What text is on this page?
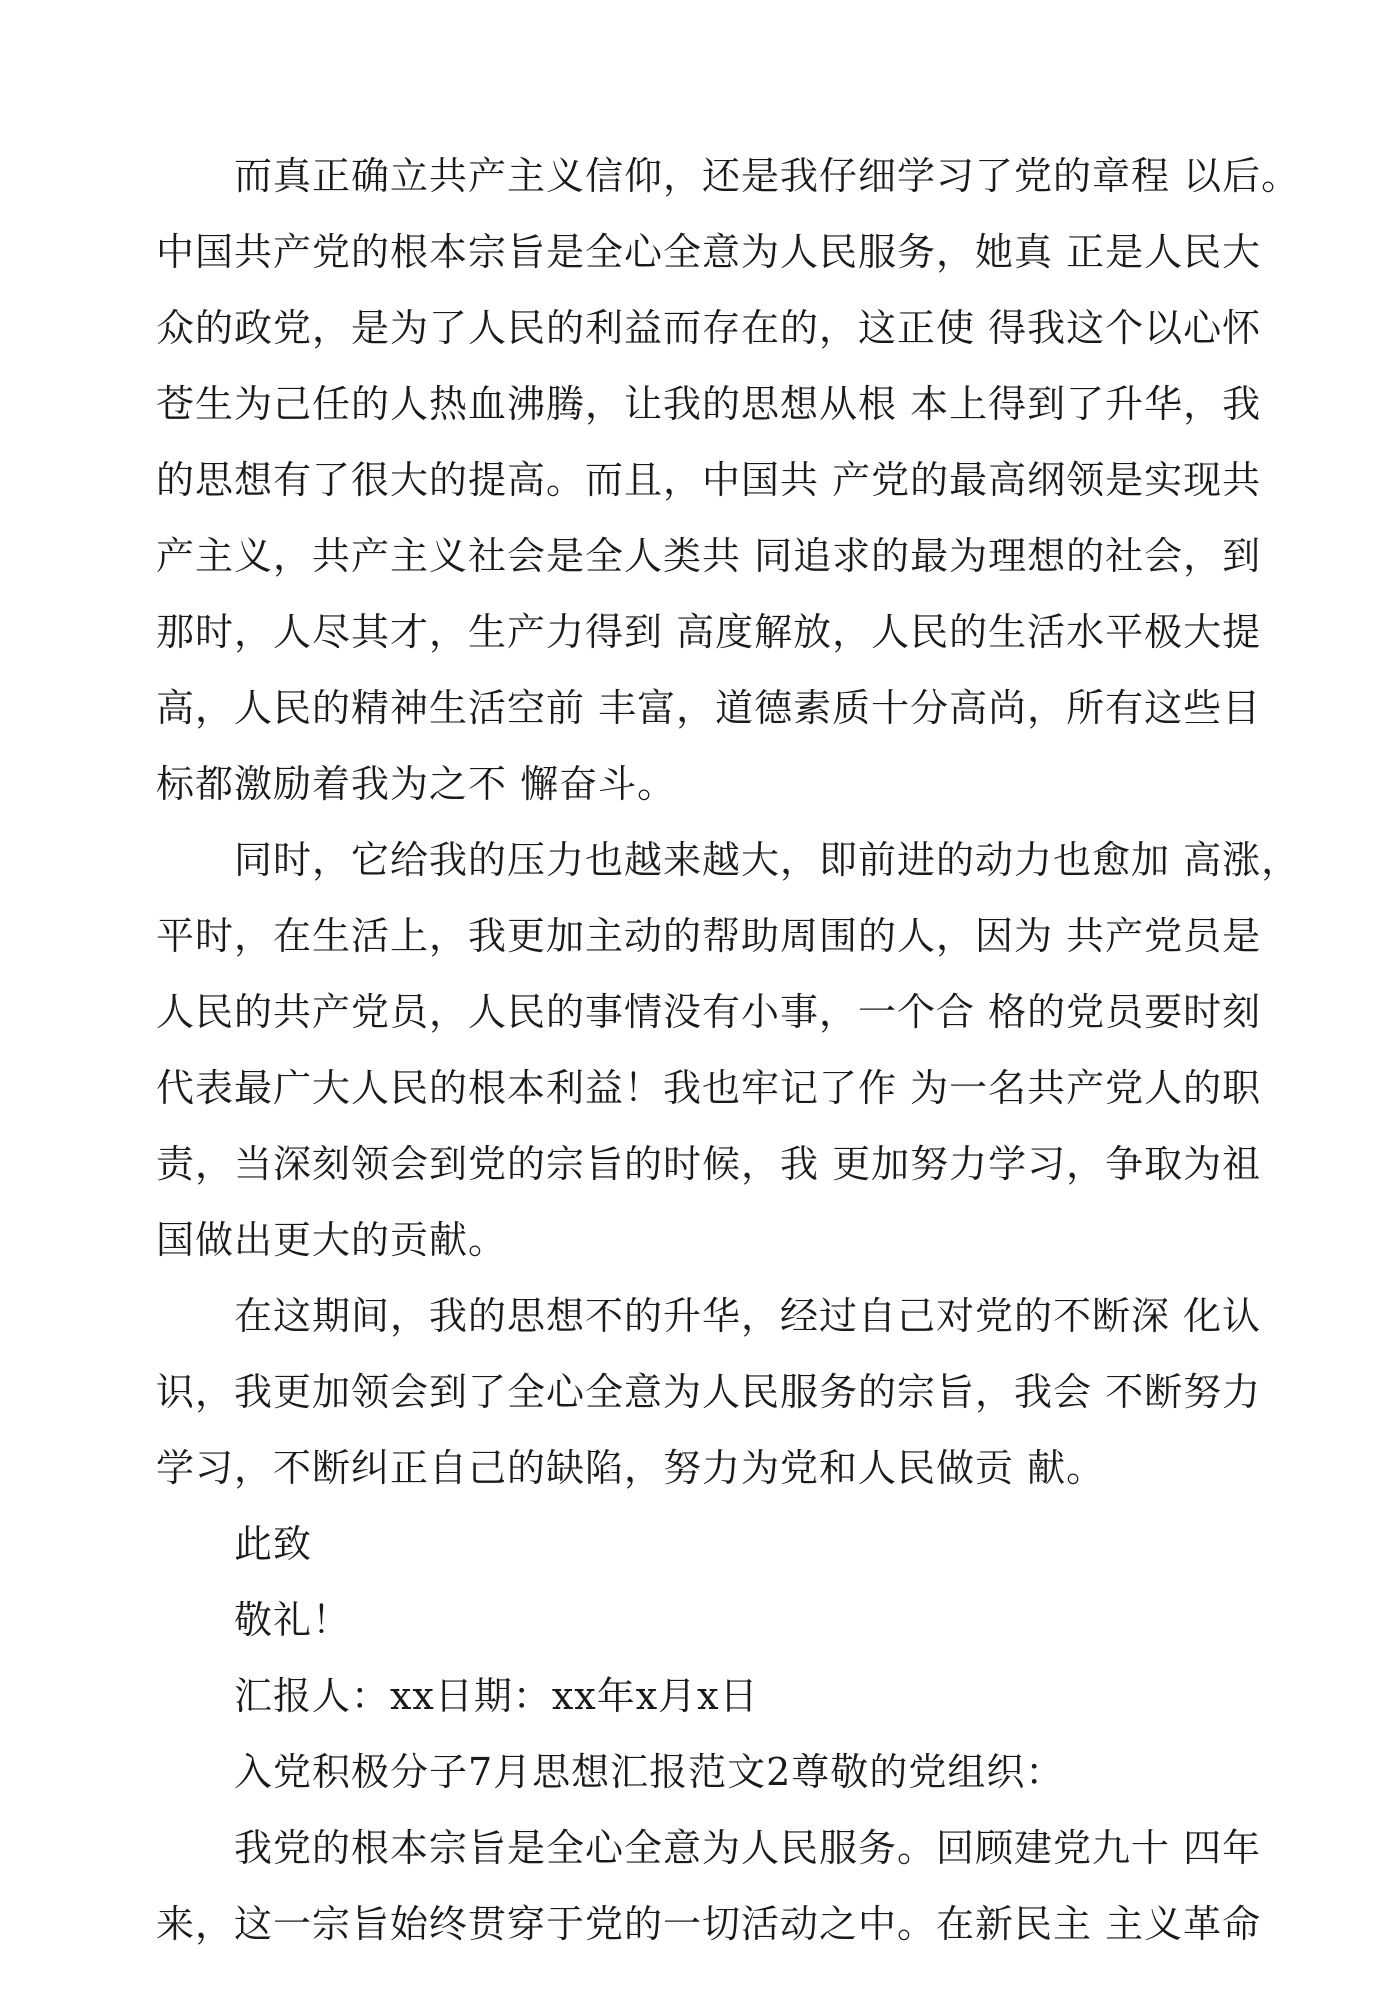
而真正确立共产主义信仰，还是我仔细学习了党的章程 以后。
中国共产党的根本宗旨是全心全意为人民服务，她真 正是人民大
众的政党，是为了人民的利益而存在的，这正使 得我这个以心怀
苍生为己任的人热血沸腾，让我的思想从根 本上得到了升华，我
的思想有了很大的提高。而且，中国共 产党的最高纲领是实现共
产主义，共产主义社会是全人类共 同追求的最为理想的社会，到
那时，人尽其才，生产力得到 高度解放，人民的生活水平极大提
高，人民的精神生活空前 丰富，道德素质十分高尚，所有这些目
标都激励着我为之不 懈奋斗。
同时，它给我的压力也越来越大，即前进的动力也愈加 高涨，
平时，在生活上，我更加主动的帮助周围的人，因为 共产党员是
人民的共产党员，人民的事情没有小事，一个合 格的党员要时刻
代表最广大人民的根本利益！我也牢记了作 为一名共产党人的职
责，当深刻领会到党的宗旨的时候，我 更加努力学习，争取为祖
国做出更大的贡献。
在这期间，我的思想不的升华，经过自己对党的不断深 化认
识，我更加领会到了全心全意为人民服务的宗旨，我会 不断努力
学习，不断纠正自己的缺陷，努力为党和人民做贡 献。
此致
敬礼！
汇报人：xx日期：xx年x月x日
入党积极分子7月思想汇报范文2尊敬的党组织：
我党的根本宗旨是全心全意为人民服务。回顾建党九十 四年
来，这一宗旨始终贯穿于党的一切活动之中。在新民主 主义革命
